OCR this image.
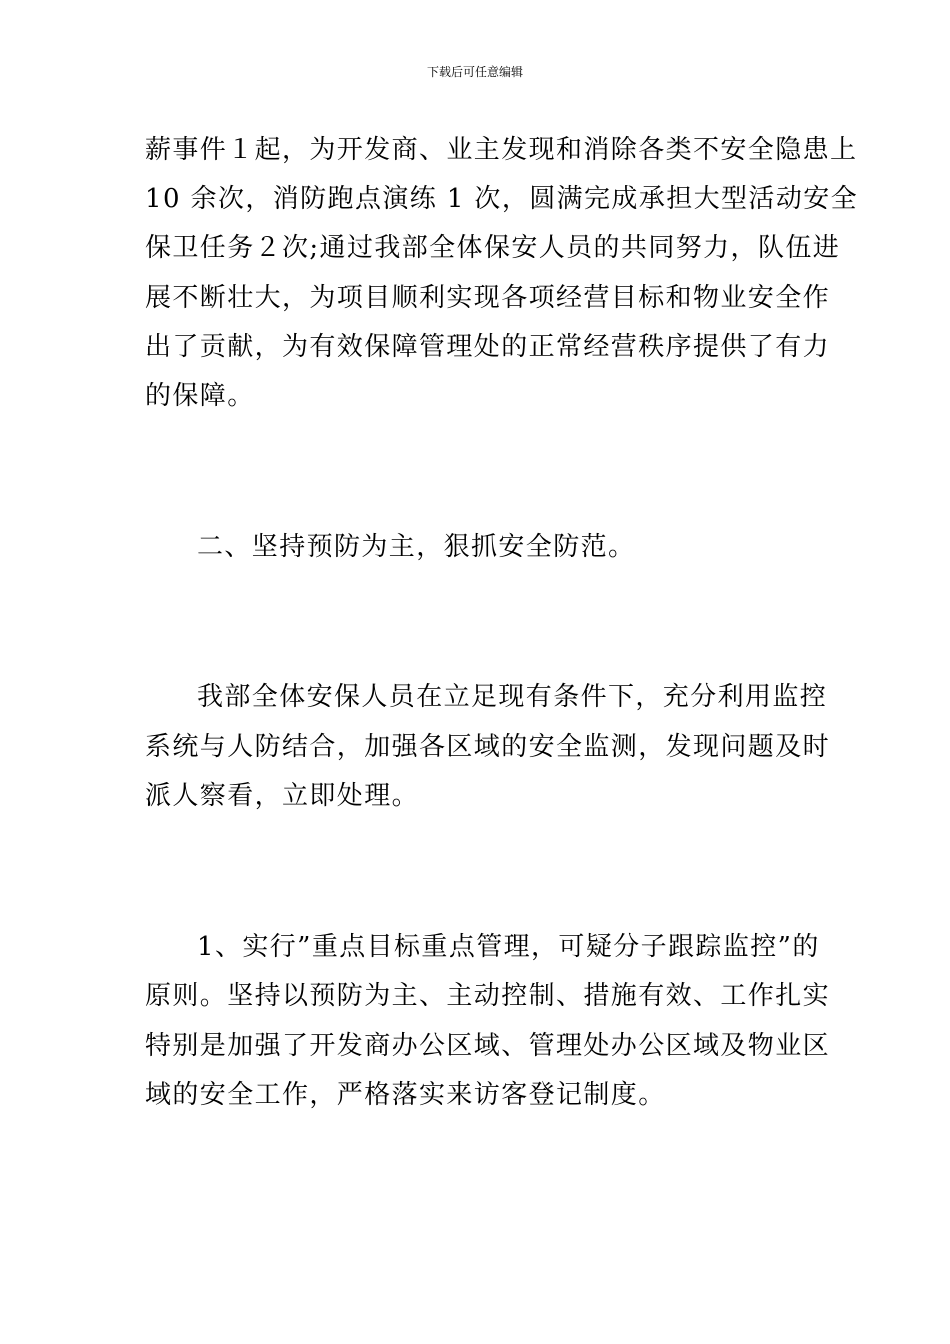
下载后可任意编辑
薪事件１起，为开发商、业主发现和消除各类不安全隐患上
10 余次，消防跑点演练 1 次，圆满完成承担大型活动安全
保卫任务２次;通过我部全体保安人员的共同努力，队伍进
展不断壮大，为项目顺利实现各项经营目标和物业安全作
出了贡献，为有效保障管理处的正常经营秩序提供了有力
的保障。
二、坚持预防为主，狠抓安全防范。
我部全体安保人员在立足现有条件下，充分利用监控
系统与人防结合，加强各区域的安全监测，发现问题及时
派人察看，立即处理。
1、实行”重点目标重点管理，可疑分子跟踪监控”的
原则。坚持以预防为主、主动控制、措施有效、工作扎实
特别是加强了开发商办公区域、管理处办公区域及物业区
域的安全工作，严格落实来访客登记制度。
